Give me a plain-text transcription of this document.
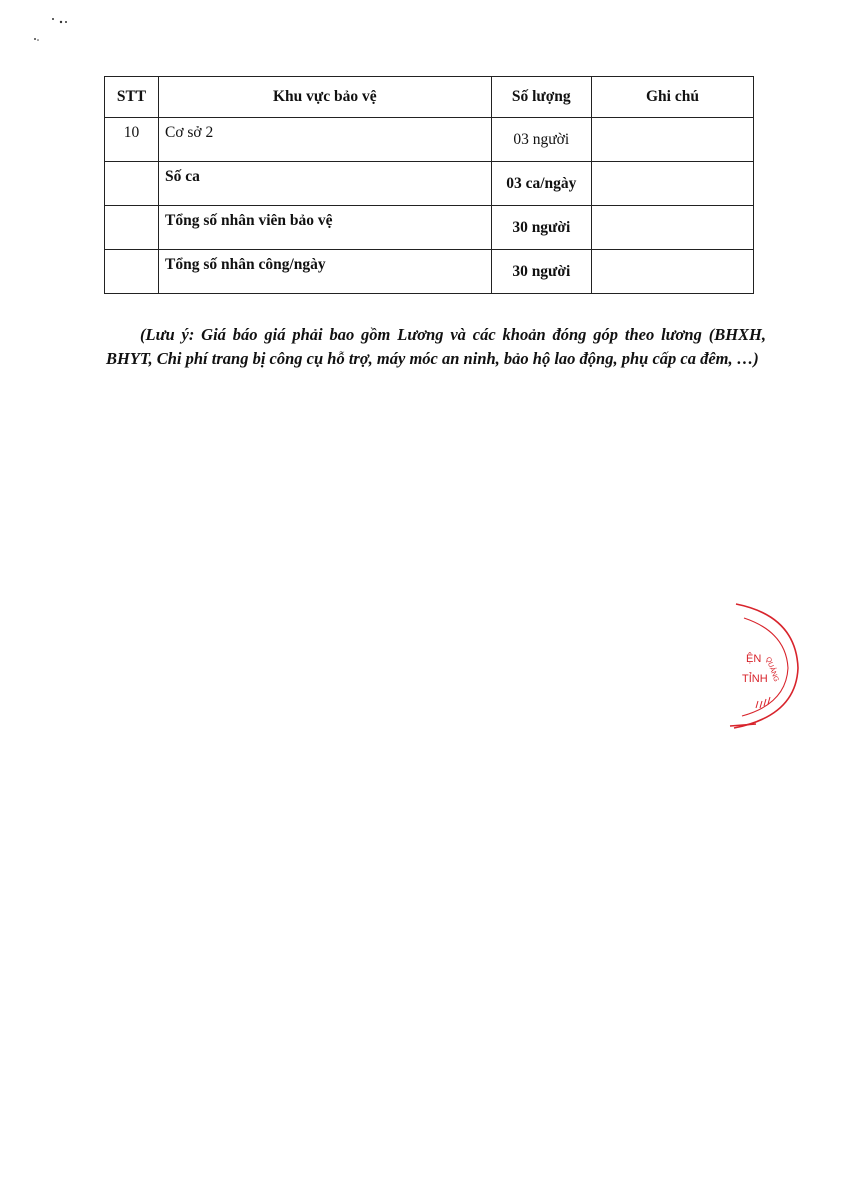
STT	Khu vực bảo vệ	Số lượng	Ghi chú
10	Cơ sở 2	03 người	
	Số ca	03 ca/ngày	
	Tổng số nhân viên bảo vệ	30 người	
	Tổng số nhân công/ngày	30 người	

(Lưu ý: Giá báo giá phải bao gồm Lương và các khoản đóng góp theo lương (BHXH, BHYT, Chi phí trang bị công cụ hỗ trợ, máy móc an ninh, bảo hộ lao động, phụ cấp ca đêm, …)

QUẢNG
ỆN
TỈNH
